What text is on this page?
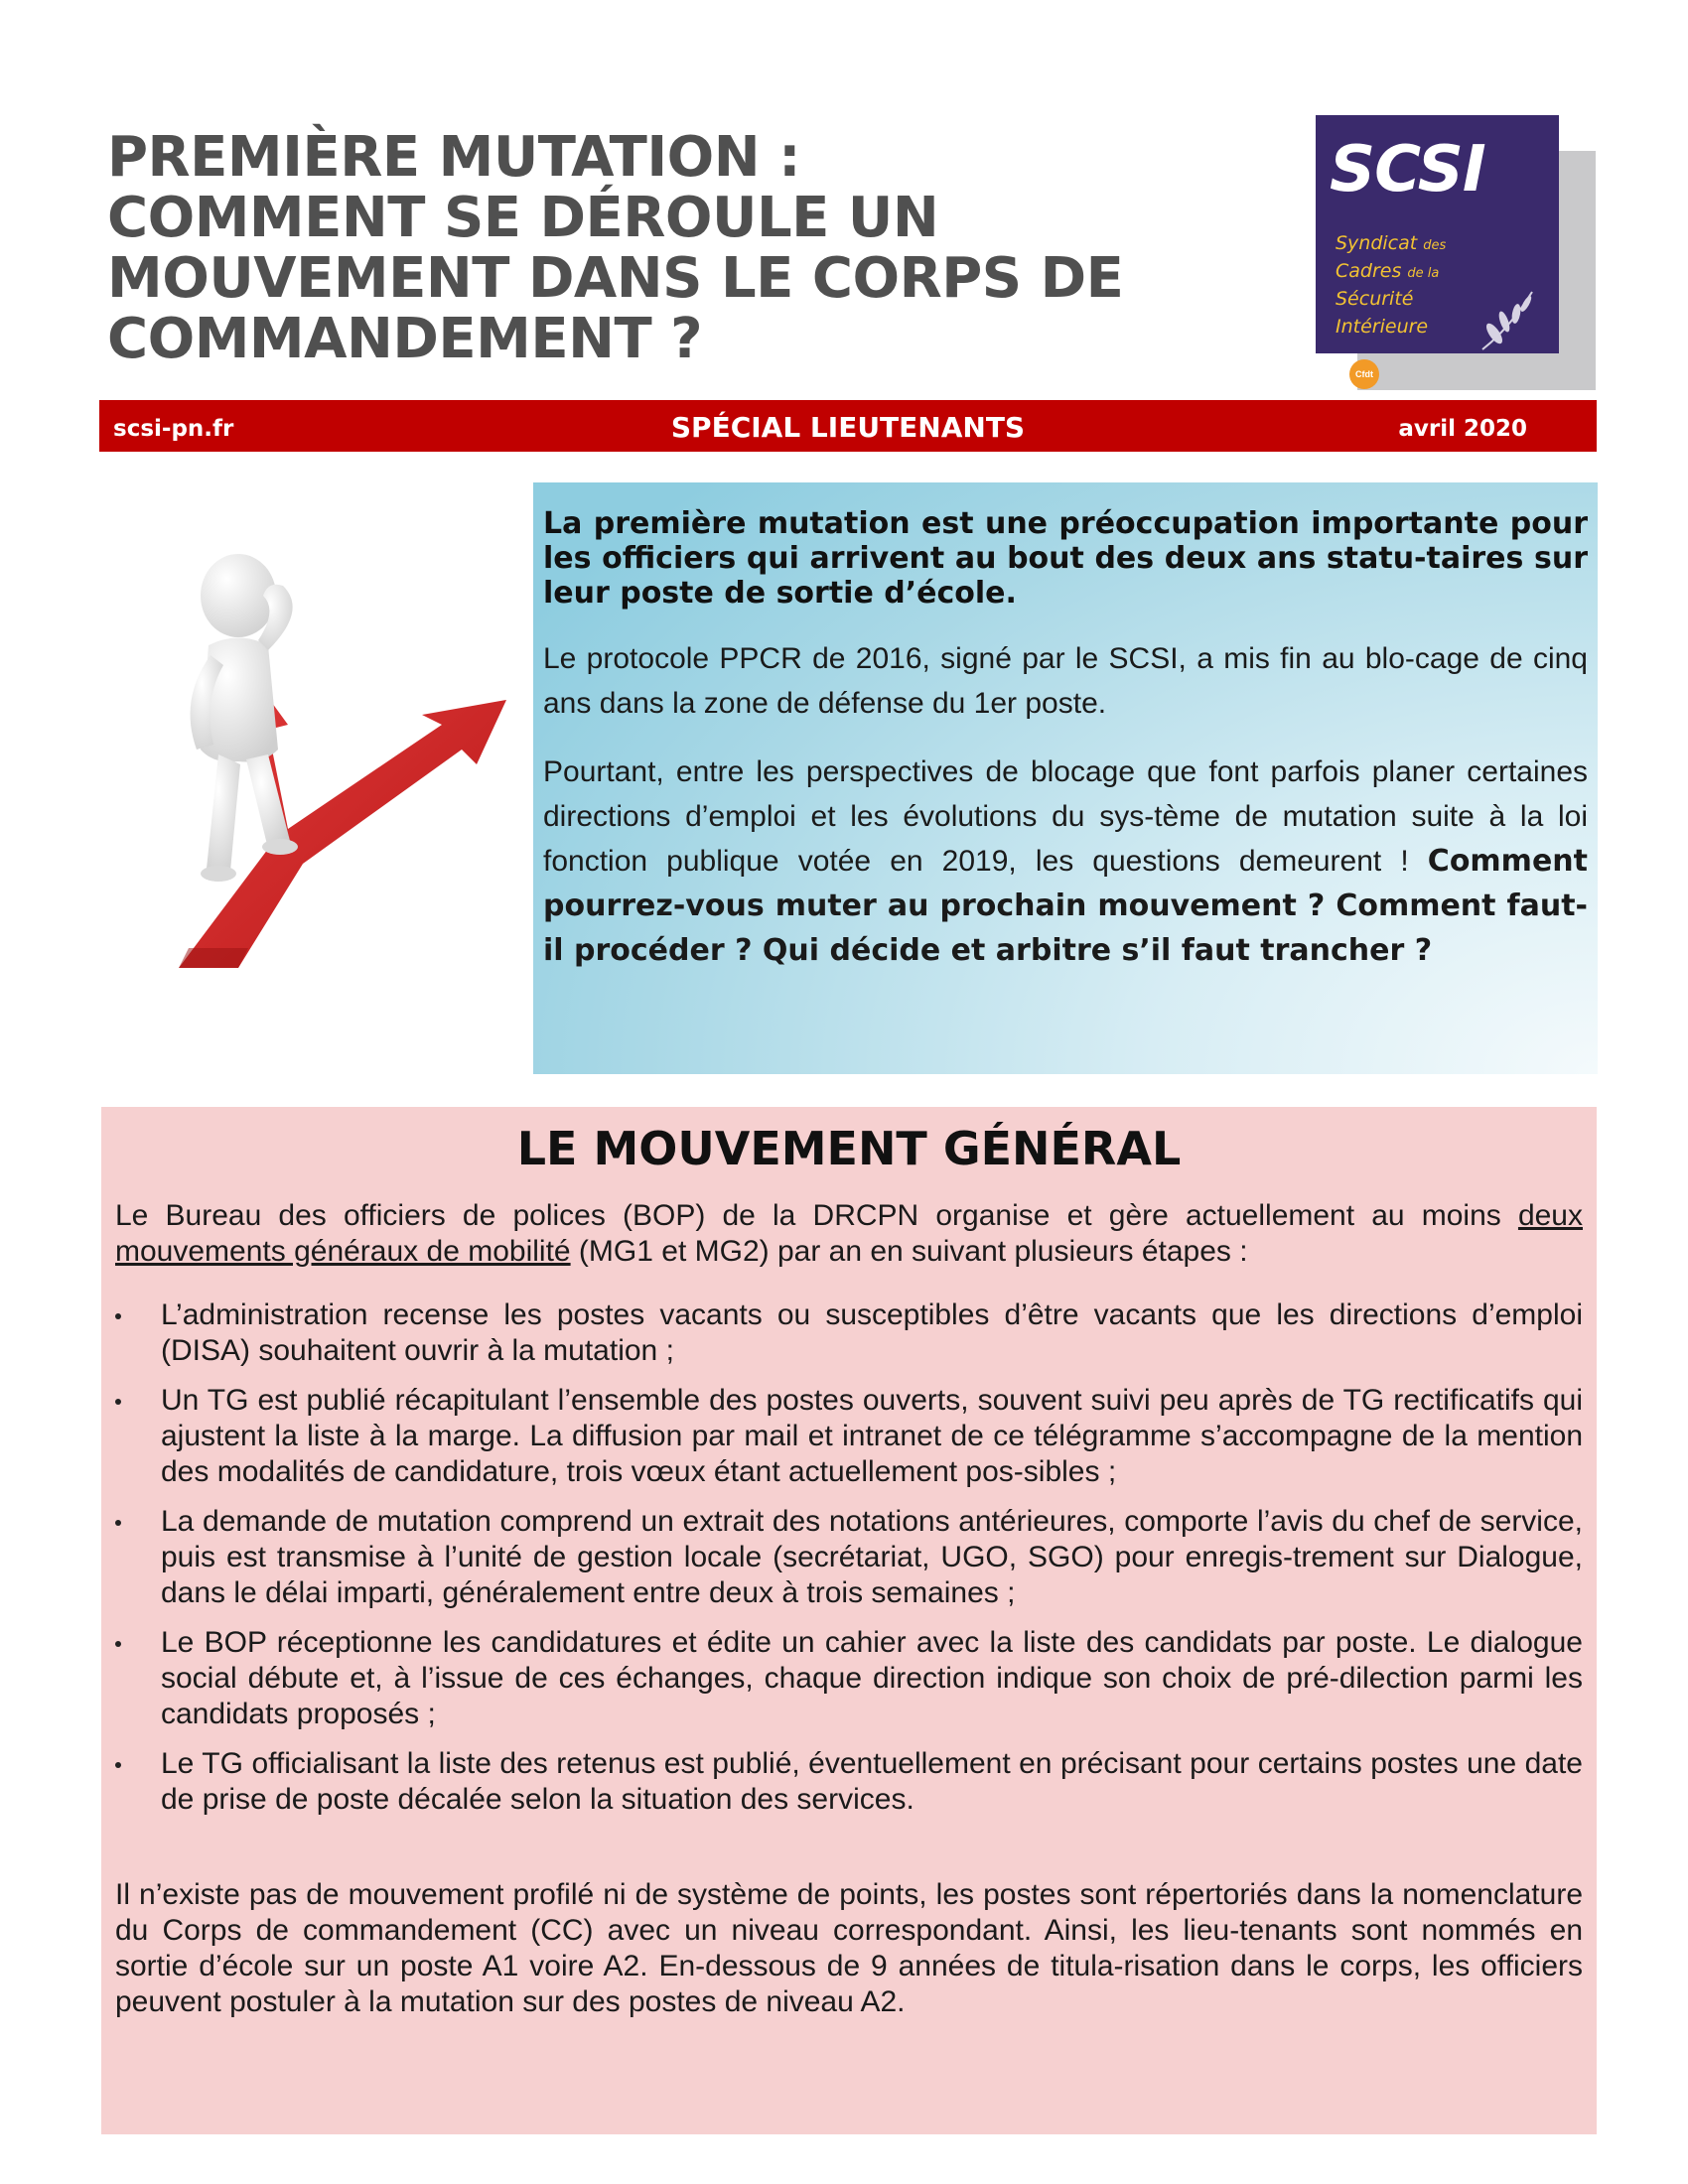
PREMIÈRE MUTATION :
COMMENT SE DÉROULE UN
MOUVEMENT DANS LE CORPS DE
COMMANDEMENT ?
SCSI
Syndicat des
Cadres de la
Sécurité
Intérieure
Cfdt
scsi-pn.fr	SPÉCIAL LIEUTENANTS	avril 2020

La première mutation est une préoccupation importante pour les officiers qui arrivent au bout des deux ans statu-taires sur leur poste de sortie d’école.

Le protocole PPCR de 2016, signé par le SCSI, a mis fin au blo-cage de cinq ans dans la zone de défense du 1er poste.

Pourtant, entre les perspectives de blocage que font parfois planer certaines directions d’emploi et les évolutions du sys-tème de mutation suite à la loi fonction publique votée en 2019, les questions demeurent ! Comment pourrez-vous muter au prochain mouvement ? Comment faut-il procéder ? Qui décide et arbitre s’il faut trancher ?

LE MOUVEMENT GÉNÉRAL

Le Bureau des officiers de polices (BOP) de la DRCPN organise et gère actuellement au moins deux mouvements généraux de mobilité (MG1 et MG2) par an en suivant plusieurs étapes :

L’administration recense les postes vacants ou susceptibles d’être vacants que les directions d’emploi (DISA) souhaitent ouvrir à la mutation ;
Un TG est publié récapitulant l’ensemble des postes ouverts, souvent suivi peu après de TG rectificatifs qui ajustent la liste à la marge. La diffusion par mail et intranet de ce télégramme s’accompagne de la mention des modalités de candidature, trois vœux étant actuellement pos-sibles ;
La demande de mutation comprend un extrait des notations antérieures, comporte l’avis du chef de service, puis est transmise à l’unité de gestion locale (secrétariat, UGO, SGO) pour enregis-trement sur Dialogue, dans le délai imparti, généralement entre deux à trois semaines ;
Le BOP réceptionne les candidatures et édite un cahier avec la liste des candidats par poste. Le dialogue social débute et, à l’issue de ces échanges, chaque direction indique son choix de pré-dilection parmi les candidats proposés ;
Le TG officialisant la liste des retenus est publié, éventuellement en précisant pour certains postes une date de prise de poste décalée selon la situation des services.

Il n’existe pas de mouvement profilé ni de système de points, les postes sont répertoriés dans la nomenclature du Corps de commandement (CC) avec un niveau correspondant. Ainsi, les lieu-tenants sont nommés en sortie d’école sur un poste A1 voire A2. En-dessous de 9 années de titula-risation dans le corps, les officiers peuvent postuler à la mutation sur des postes de niveau A2.
